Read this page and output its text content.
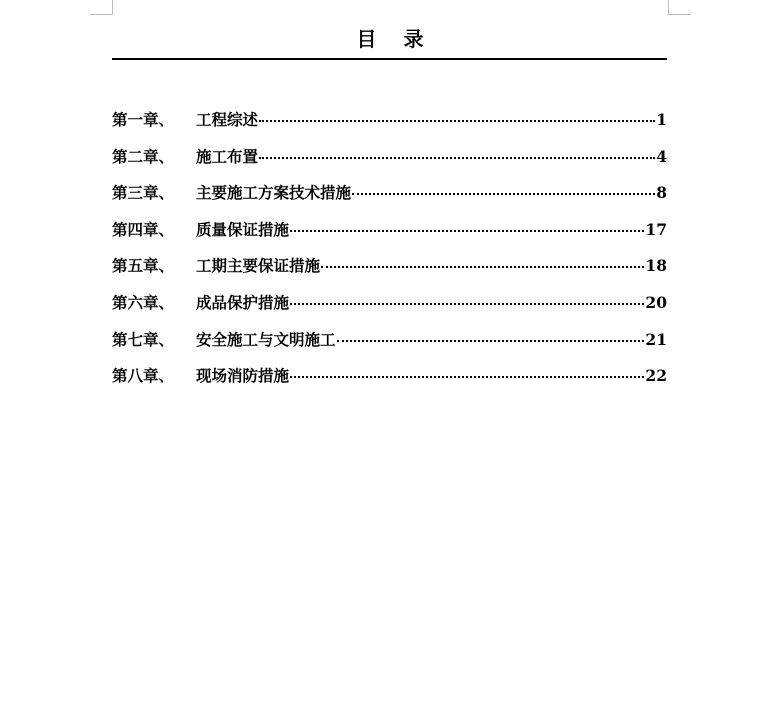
目 录
第一章、	工程综述	1
第二章、	施工布置	4
第三章、	主要施工方案技术措施	8
第四章、	质量保证措施	17
第五章、	工期主要保证措施	18
第六章、	成品保护措施	20
第七章、	安全施工与文明施工	21
第八章、	现场消防措施	22
